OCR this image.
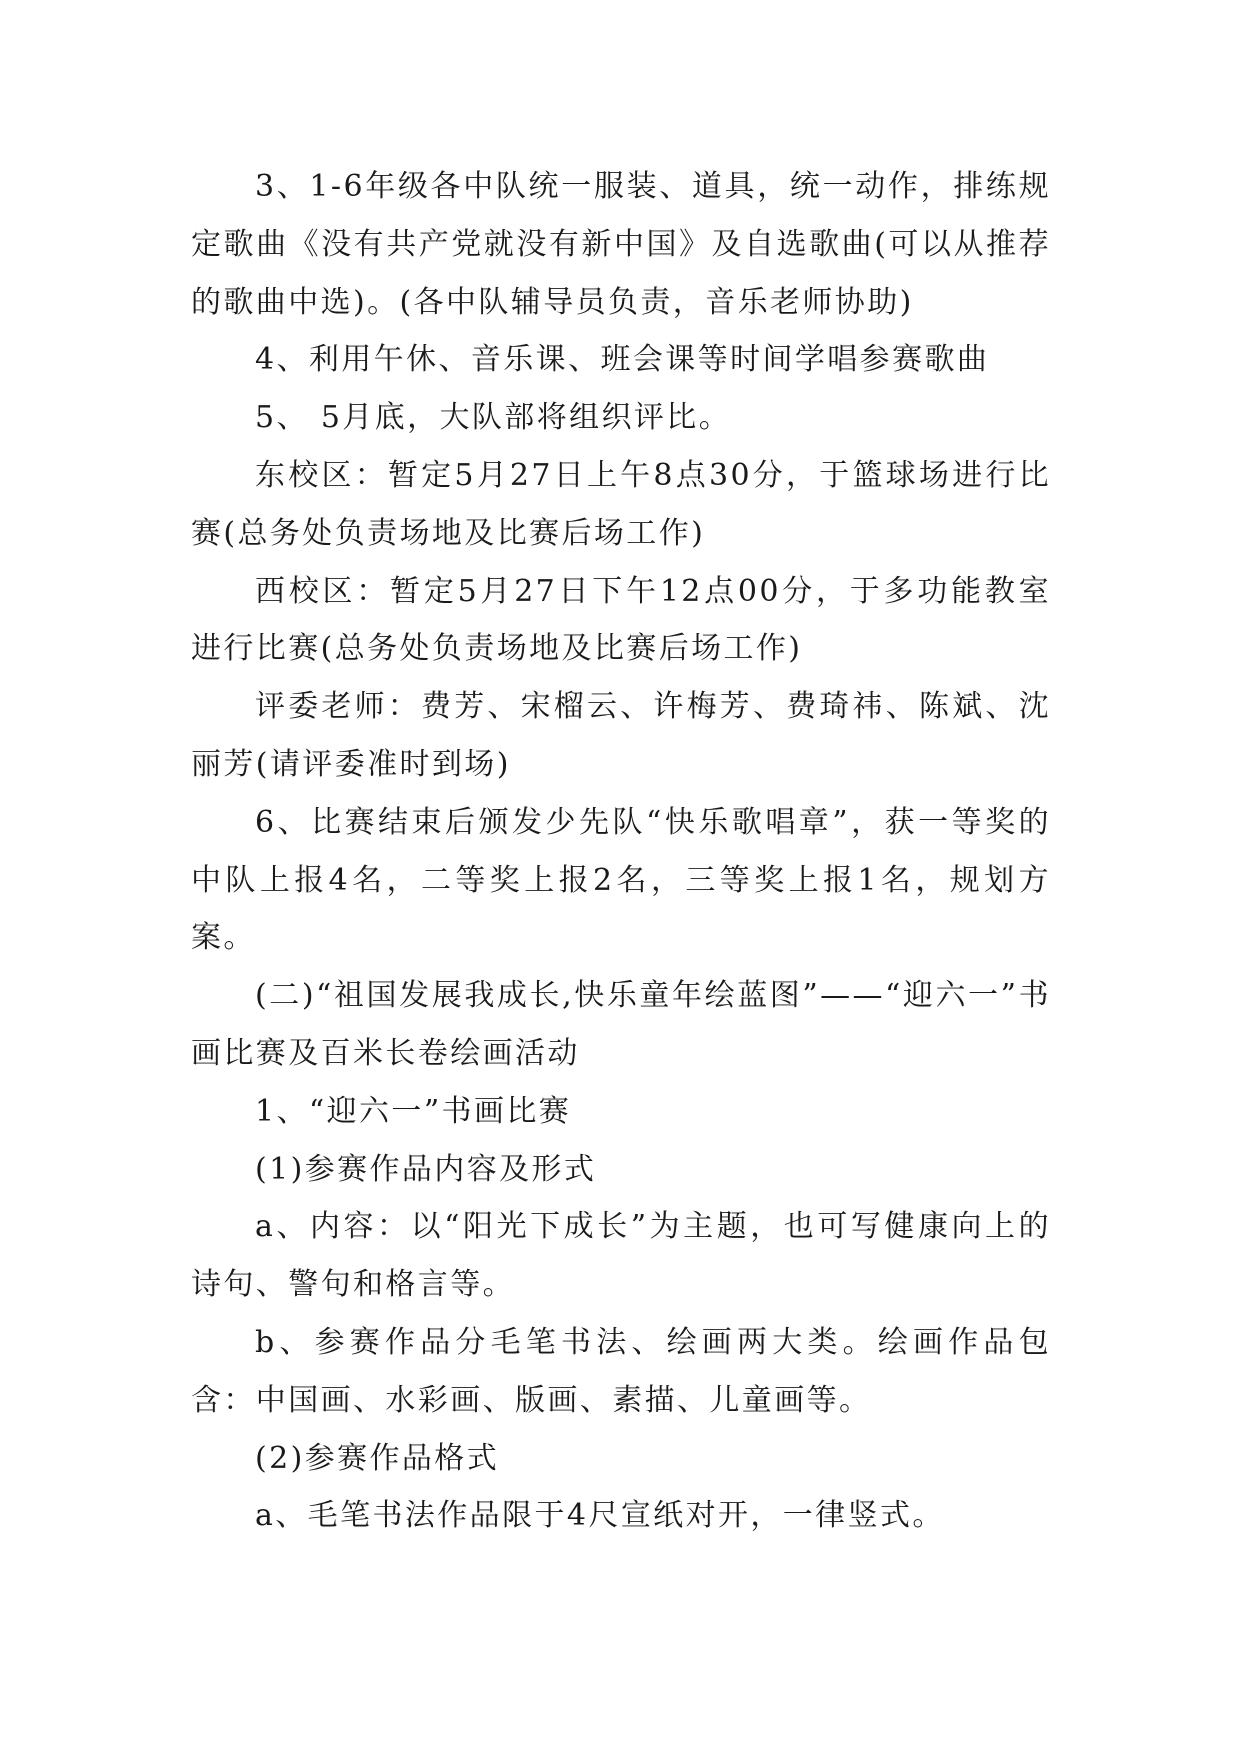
3、1-6年级各中队统一服装、道具，统一动作，排练规定歌曲《没有共产党就没有新中国》及自选歌曲(可以从推荐的歌曲中选)。(各中队辅导员负责，音乐老师协助)

4、利用午休、音乐课、班会课等时间学唱参赛歌曲

5、 5月底，大队部将组织评比。

东校区：暂定5月27日上午8点30分，于篮球场进行比赛(总务处负责场地及比赛后场工作)

西校区：暂定5月27日下午12点00分，于多功能教室进行比赛(总务处负责场地及比赛后场工作)

评委老师：费芳、宋榴云、许梅芳、费琦祎、陈斌、沈丽芳(请评委准时到场)

6、比赛结束后颁发少先队“快乐歌唱章”，获一等奖的中队上报4名，二等奖上报2名，三等奖上报1名，规划方案。

(二)“祖国发展我成长,快乐童年绘蓝图”——“迎六一”书画比赛及百米长卷绘画活动

1、“迎六一”书画比赛

(1)参赛作品内容及形式

a、内容：以“阳光下成长”为主题，也可写健康向上的诗句、警句和格言等。

b、参赛作品分毛笔书法、绘画两大类。绘画作品包含：中国画、水彩画、版画、素描、儿童画等。

(2)参赛作品格式

a、毛笔书法作品限于4尺宣纸对开，一律竖式。
